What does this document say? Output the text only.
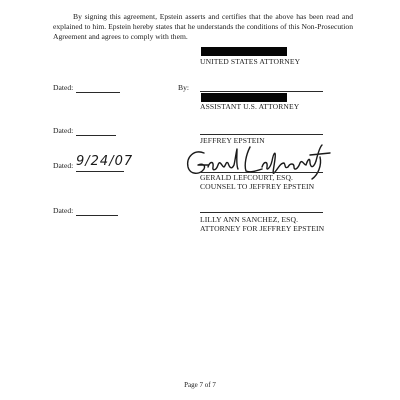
By signing this agreement, Epstein asserts and certifies that the above has been read and explained to him. Epstein hereby states that he understands the conditions of this Non-Prosecution Agreement and agrees to comply with them.
UNITED STATES ATTORNEY
Dated:	By:
ASSISTANT U.S. ATTORNEY
Dated:
JEFFREY EPSTEIN
Dated: 9/24/07
GERALD LEFCOURT, ESQ.
COUNSEL TO JEFFREY EPSTEIN
Dated:
LILLY ANN SANCHEZ, ESQ.
ATTORNEY FOR JEFFREY EPSTEIN
Page 7 of 7
